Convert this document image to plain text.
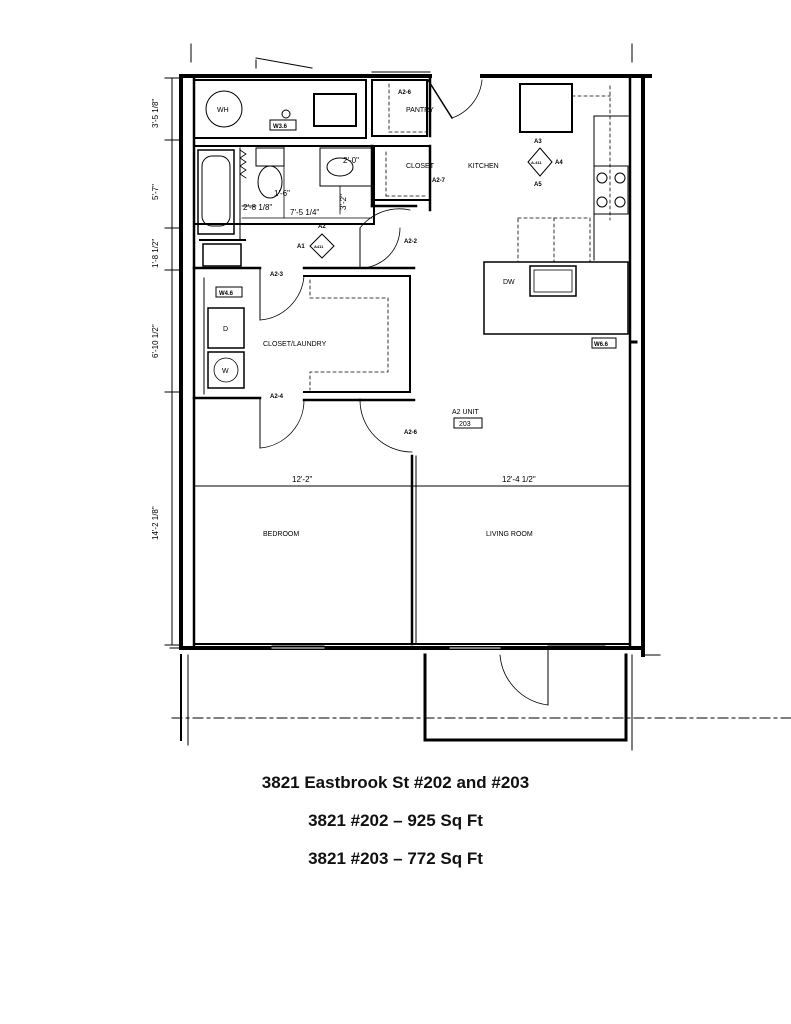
WH	PANTRY
CLOSET	KITCHEN
DW
CLOSET/LAUNDRY
D
W
A2 UNIT
203
BEDROOM	LIVING ROOM
A2-6
A2-7
A2-2
A2-3
A2-4
A2-6
W3.6
W4.6
W6.6
A2
A1 A411
A3
A4
A5
A-411
3'-5 1/8"
5'-7"
1'-8 1/2"
6'-10 1/2"
14'-2 1/8"
7'-5 1/4"
2'-8 1/8"
1'-6"
2'-0"
3'-2"
12'-2"	12'-4 1/2"
3821 Eastbrook St #202 and #203
3821 #202 – 925 Sq Ft
3821 #203 – 772 Sq Ft
